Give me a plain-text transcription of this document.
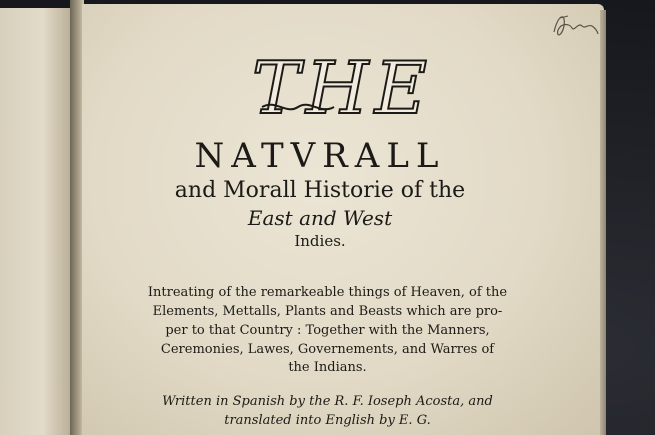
THE
NATVRALL
and Morall Historie of the
East and West
Indies.
Intreating of the remarkeable things of Heaven, of the
Elements, Mettalls, Plants and Beasts which are pro-
per to that Country : Together with the Manners,
Ceremonies, Lawes, Governements, and Warres of
the Indians.
Written in Spanish by the R. F. Ioseph Acosta, and
translated into English by E. G.
